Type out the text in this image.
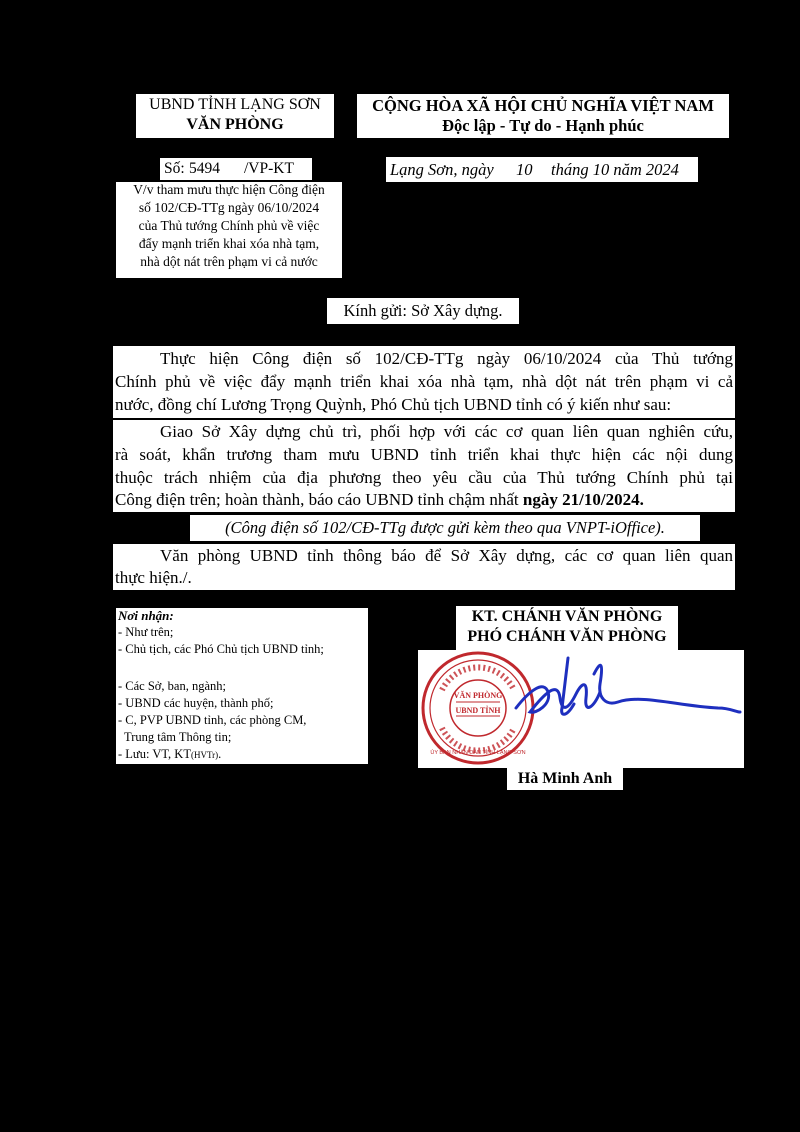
UBND TỈNH LẠNG SƠN
VĂN PHÒNG
CỘNG HÒA XÃ HỘI CHỦ NGHĨA VIỆT NAM
Độc lập - Tự do - Hạnh phúc
Số: 5494 /VP-KT	Lạng Sơn, ngày 10 tháng 10 năm 2024
V/v tham mưu thực hiện Công điện
số 102/CĐ-TTg ngày 06/10/2024
của Thủ tướng Chính phủ về việc
đẩy mạnh triển khai xóa nhà tạm,
nhà dột nát trên phạm vi cả nước
Kính gửi: Sở Xây dựng.
Thực hiện Công điện số 102/CĐ-TTg ngày 06/10/2024 của Thủ tướng
Chính phủ về việc đẩy mạnh triển khai xóa nhà tạm, nhà dột nát trên phạm vi cả
nước, đồng chí Lương Trọng Quỳnh, Phó Chủ tịch UBND tỉnh có ý kiến như sau:
Giao Sở Xây dựng chủ trì, phối hợp với các cơ quan liên quan nghiên cứu,
rà soát, khẩn trương tham mưu UBND tỉnh triển khai thực hiện các nội dung
thuộc trách nhiệm của địa phương theo yêu cầu của Thủ tướng Chính phủ tại
Công điện trên; hoàn thành, báo cáo UBND tỉnh chậm nhất ngày 21/10/2024.
(Công điện số 102/CĐ-TTg được gửi kèm theo qua VNPT-iOffice).
Văn phòng UBND tỉnh thông báo để Sở Xây dựng, các cơ quan liên quan
thực hiện./.
Nơi nhận:
- Như trên;
- Chủ tịch, các Phó Chủ tịch UBND tỉnh;
- Các Sở, ban, ngành;
- UBND các huyện, thành phố;
- C, PVP UBND tỉnh, các phòng CM,
Trung tâm Thông tin;
- Lưu: VT, KT(HVTr).
KT. CHÁNH VĂN PHÒNG
PHÓ CHÁNH VĂN PHÒNG
VĂN PHÒNG
UBND TỈNH
ỦY BAN NHÂN DÂN TỈNH LẠNG SƠN
Hà Minh Anh
